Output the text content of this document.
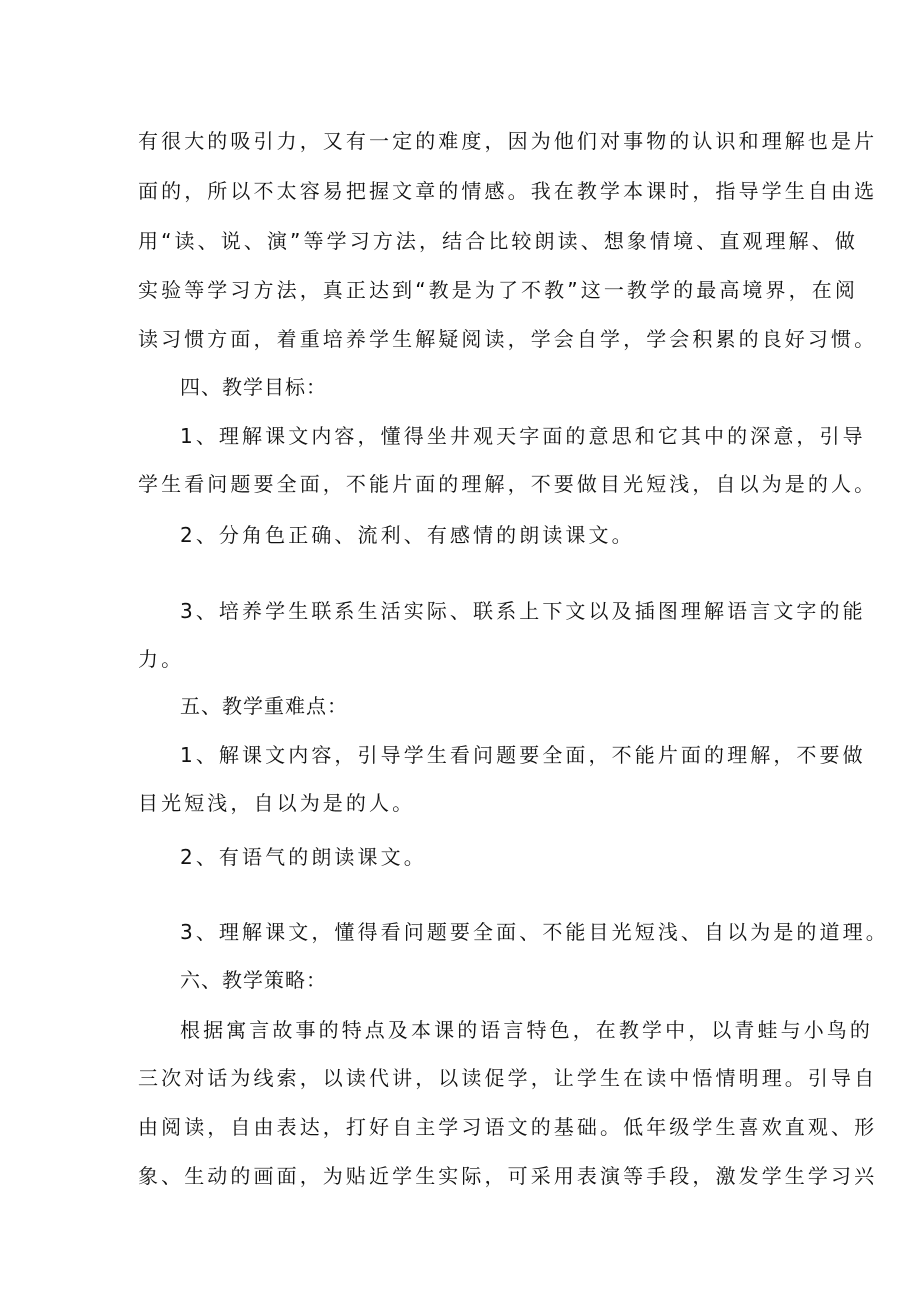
有很大的吸引力，又有一定的难度，因为他们对事物的认识和理解也是片
面的，所以不太容易把握文章的情感。我在教学本课时，指导学生自由选
用“读、说、演”等学习方法，结合比较朗读、想象情境、直观理解、做
实验等学习方法，真正达到“教是为了不教”这一教学的最高境界，在阅
读习惯方面，着重培养学生解疑阅读，学会自学，学会积累的良好习惯。
四、教学目标：
1、理解课文内容，懂得坐井观天字面的意思和它其中的深意，引导
学生看问题要全面，不能片面的理解，不要做目光短浅，自以为是的人。
2、分角色正确、流利、有感情的朗读课文。
3、培养学生联系生活实际、联系上下文以及插图理解语言文字的能
力。
五、教学重难点：
1、解课文内容，引导学生看问题要全面，不能片面的理解，不要做
目光短浅，自以为是的人。
2、有语气的朗读课文。
3、理解课文，懂得看问题要全面、不能目光短浅、自以为是的道理。
六、教学策略：
根据寓言故事的特点及本课的语言特色，在教学中，以青蛙与小鸟的
三次对话为线索，以读代讲，以读促学，让学生在读中悟情明理。引导自
由阅读，自由表达，打好自主学习语文的基础。低年级学生喜欢直观、形
象、生动的画面，为贴近学生实际，可采用表演等手段，激发学生学习兴
